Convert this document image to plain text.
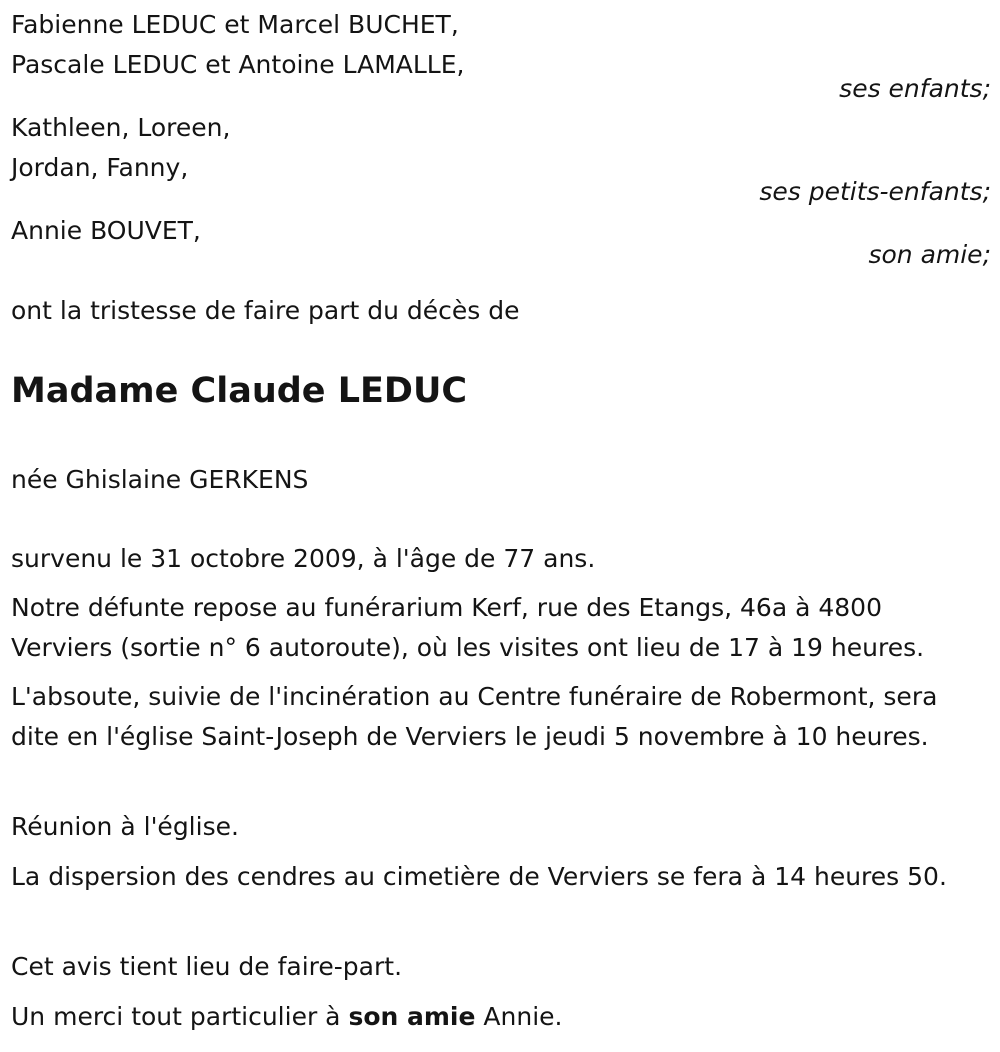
Fabienne LEDUC et Marcel BUCHET,
Pascale LEDUC et Antoine LAMALLE,
ses enfants;
Kathleen, Loreen,
Jordan, Fanny,
ses petits-enfants;
Annie BOUVET,
son amie;
ont la tristesse de faire part du décès de
Madame Claude LEDUC
née Ghislaine GERKENS
survenu le 31 octobre 2009, à l'âge de 77 ans.
Notre défunte repose au funérarium Kerf, rue des Etangs, 46a à 4800 Verviers (sortie n° 6 autoroute), où les visites ont lieu de 17 à 19 heures.
L'absoute, suivie de l'incinération au Centre funéraire de Robermont, sera dite en l'église Saint-Joseph de Verviers le jeudi 5 novembre à 10 heures.
Réunion à l'église.
La dispersion des cendres au cimetière de Verviers se fera à 14 heures 50.
Cet avis tient lieu de faire-part.
Un merci tout particulier à son amie Annie.
